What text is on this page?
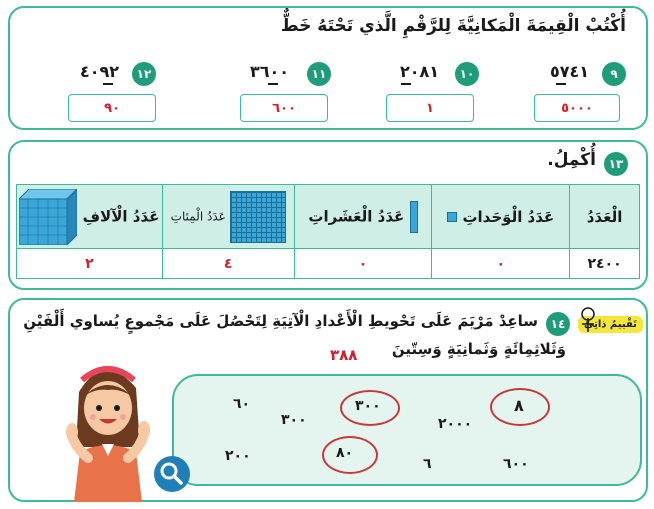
أُكْتُبْ الْقِيمَةَ الْمَكانِيَّةَ لِلرَّقْمِ الَّذي تَحْتَهُ خَطٌّ
٩
٥٧٤١
٥٠٠٠
١٠
٢٠٨١
١
١١
٣٦٠٠
٦٠٠
١٢
٤٠٩٢
٩٠
١٣
أُكْمِلُ.
الْعَدَدُ	عَدَدُ الْوَحَداتِ	عَدَدُ الْعَشَراتِ	عَدَدُ الْمِئاتِ	عَدَدُ الْآلافِ
٢٤٠٠	٠	٠	٤	٢
تَقْييمٌ ذاتِيٌّ
١٤
ساعِدْ مَرْيَمَ عَلَى تَحْويطِ الْأَعْدادِ الْآتِيَةِ لِتَحْصُلَ عَلَى مَجْموعٍ يُساوي أَلْفَيْنِ
وَثَلاثِمِائَةٍ وَثَمانِيَةٍ وَسِتّينَ
٣٨٨
٦٠
٣٠٠
٣٠٠
٢٠٠٠
٨
٢٠٠	٨٠
٦	٦٠٠
